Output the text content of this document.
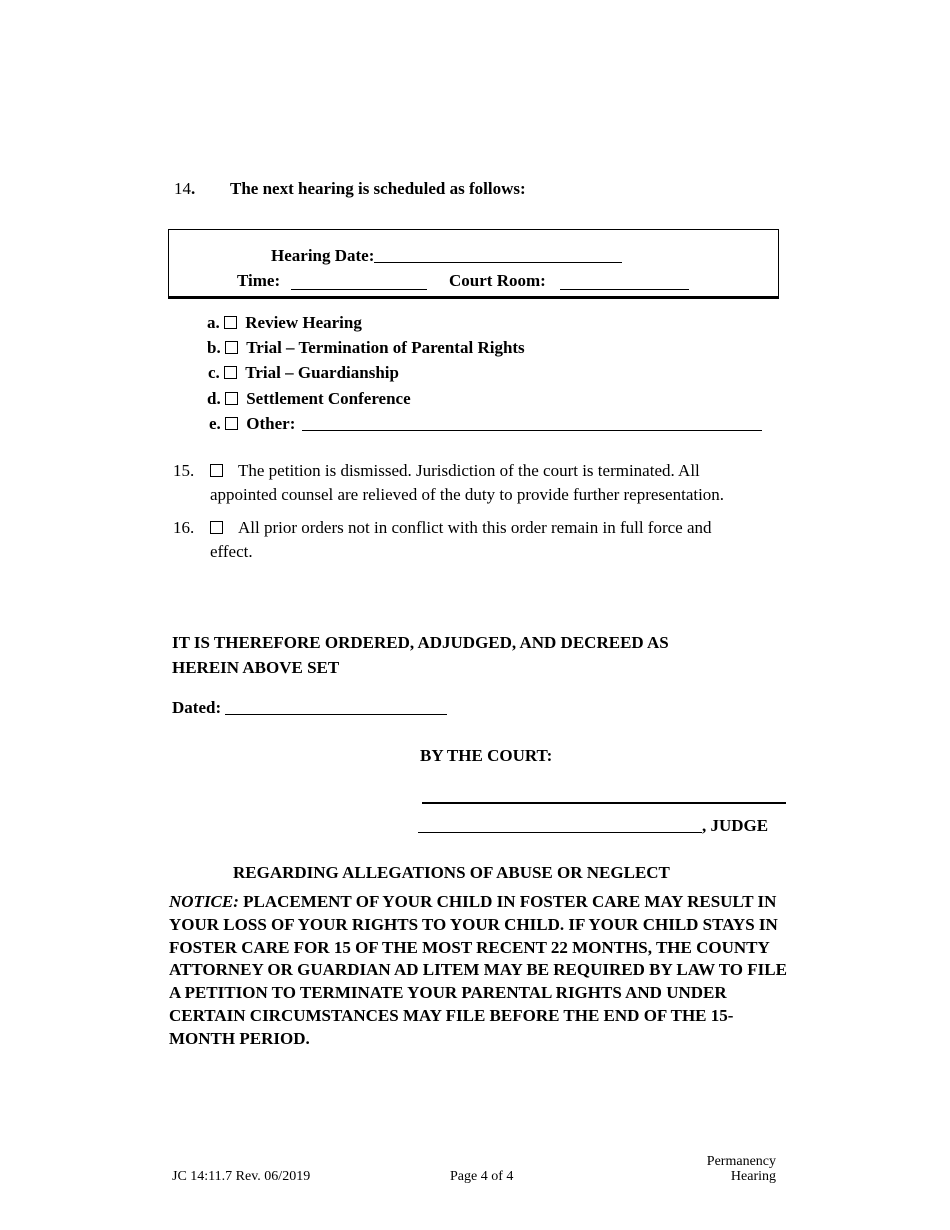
14. The next hearing is scheduled as follows:
Hearing Date:
Time:	Court Room:
a. Review Hearing
b. Trial – Termination of Parental Rights
c. Trial – Guardianship
d. Settlement Conference
e. Other:
15.	The petition is dismissed. Jurisdiction of the court is terminated. All
appointed counsel are relieved of the duty to provide further representation.
16.	All prior orders not in conflict with this order remain in full force and
effect.
IT IS THEREFORE ORDERED, ADJUDGED, AND DECREED AS
HEREIN ABOVE SET
Dated:
BY THE COURT:
, JUDGE
REGARDING ALLEGATIONS OF ABUSE OR NEGLECT
NOTICE: PLACEMENT OF YOUR CHILD IN FOSTER CARE MAY RESULT IN YOUR LOSS OF YOUR RIGHTS TO YOUR CHILD. IF YOUR CHILD STAYS IN FOSTER CARE FOR 15 OF THE MOST RECENT 22 MONTHS, THE COUNTY ATTORNEY OR GUARDIAN AD LITEM MAY BE REQUIRED BY LAW TO FILE A PETITION TO TERMINATE YOUR PARENTAL RIGHTS AND UNDER CERTAIN CIRCUMSTANCES MAY FILE BEFORE THE END OF THE 15-MONTH PERIOD.
JC 14:11.7 Rev. 06/2019	Page 4 of 4
Permanency
Hearing
